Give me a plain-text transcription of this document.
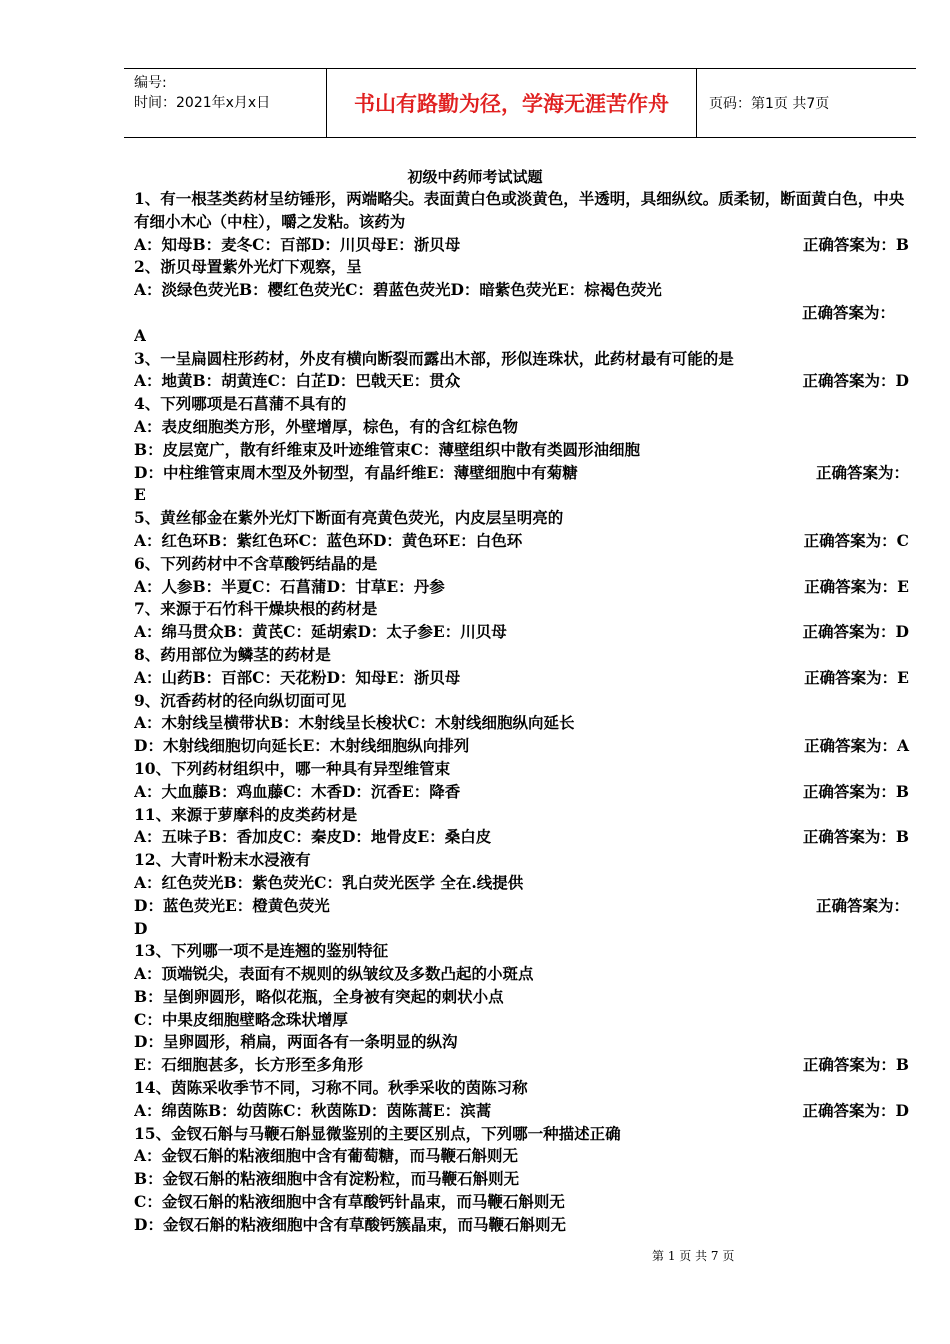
编号:
时间：2021年x月x日	书山有路勤为径，学海无涯苦作舟	页码：第1页 共7页
初级中药师考试试题
1、有一根茎类药材呈纺锤形，两端略尖。表面黄白色或淡黄色，半透明，具细纵纹。质柔韧，断面黄白色，中央有细小木心（中柱），嚼之发粘。该药为
A：知母B：麦冬C：百部D：川贝母E：浙贝母	正确答案为：B
2、浙贝母置紫外光灯下观察，呈
A：淡绿色荧光B：樱红色荧光C：碧蓝色荧光D：暗紫色荧光E：棕褐色荧光
正确答案为：
A
3、一呈扁圆柱形药材，外皮有横向断裂而露出木部，形似连珠状，此药材最有可能的是
A：地黄B：胡黄连C：白芷D：巴戟天E：贯众	正确答案为：D
4、下列哪项是石菖蒲不具有的
A：表皮细胞类方形，外壁增厚，棕色，有的含红棕色物
B：皮层宽广，散有纤维束及叶迹维管束C：薄壁组织中散有类圆形油细胞
D：中柱维管束周木型及外韧型，有晶纤维E：薄壁细胞中有菊糖	正确答案为：
E
5、黄丝郁金在紫外光灯下断面有亮黄色荧光，内皮层呈明亮的
A：红色环B：紫红色环C：蓝色环D：黄色环E：白色环	正确答案为：C
6、下列药材中不含草酸钙结晶的是
A：人参B：半夏C：石菖蒲D：甘草E：丹参	正确答案为：E
7、来源于石竹科干燥块根的药材是
A：绵马贯众B：黄芪C：延胡索D：太子参E：川贝母	正确答案为：D
8、药用部位为鳞茎的药材是
A：山药B：百部C：天花粉D：知母E：浙贝母	正确答案为：E
9、沉香药材的径向纵切面可见
A：木射线呈横带状B：木射线呈长梭状C：木射线细胞纵向延长
D：木射线细胞切向延长E：木射线细胞纵向排列	正确答案为：A
10、下列药材组织中，哪一种具有异型维管束
A：大血藤B：鸡血藤C：木香D：沉香E：降香	正确答案为：B
11、来源于萝摩科的皮类药材是
A：五味子B：香加皮C：秦皮D：地骨皮E：桑白皮	正确答案为：B
12、大青叶粉末水浸液有
A：红色荧光B：紫色荧光C：乳白荧光医学 全在.线提供
D：蓝色荧光E：橙黄色荧光	正确答案为：
D
13、下列哪一项不是连翘的鉴别特征
A：顶端锐尖，表面有不规则的纵皱纹及多数凸起的小斑点
B：呈倒卵圆形，略似花瓶，全身被有突起的刺状小点
C：中果皮细胞壁略念珠状增厚
D：呈卵圆形，稍扁，两面各有一条明显的纵沟
E：石细胞甚多，长方形至多角形	正确答案为：B
14、茵陈采收季节不同，习称不同。秋季采收的茵陈习称
A：绵茵陈B：幼茵陈C：秋茵陈D：茵陈蒿E：滨蒿	正确答案为：D
15、金钗石斛与马鞭石斛显微鉴别的主要区别点，下列哪一种描述正确
A：金钗石斛的粘液细胞中含有葡萄糖，而马鞭石斛则无
B：金钗石斛的粘液细胞中含有淀粉粒，而马鞭石斛则无
C：金钗石斛的粘液细胞中含有草酸钙针晶束，而马鞭石斛则无
D：金钗石斛的粘液细胞中含有草酸钙簇晶束，而马鞭石斛则无
第 1 页 共 7 页
